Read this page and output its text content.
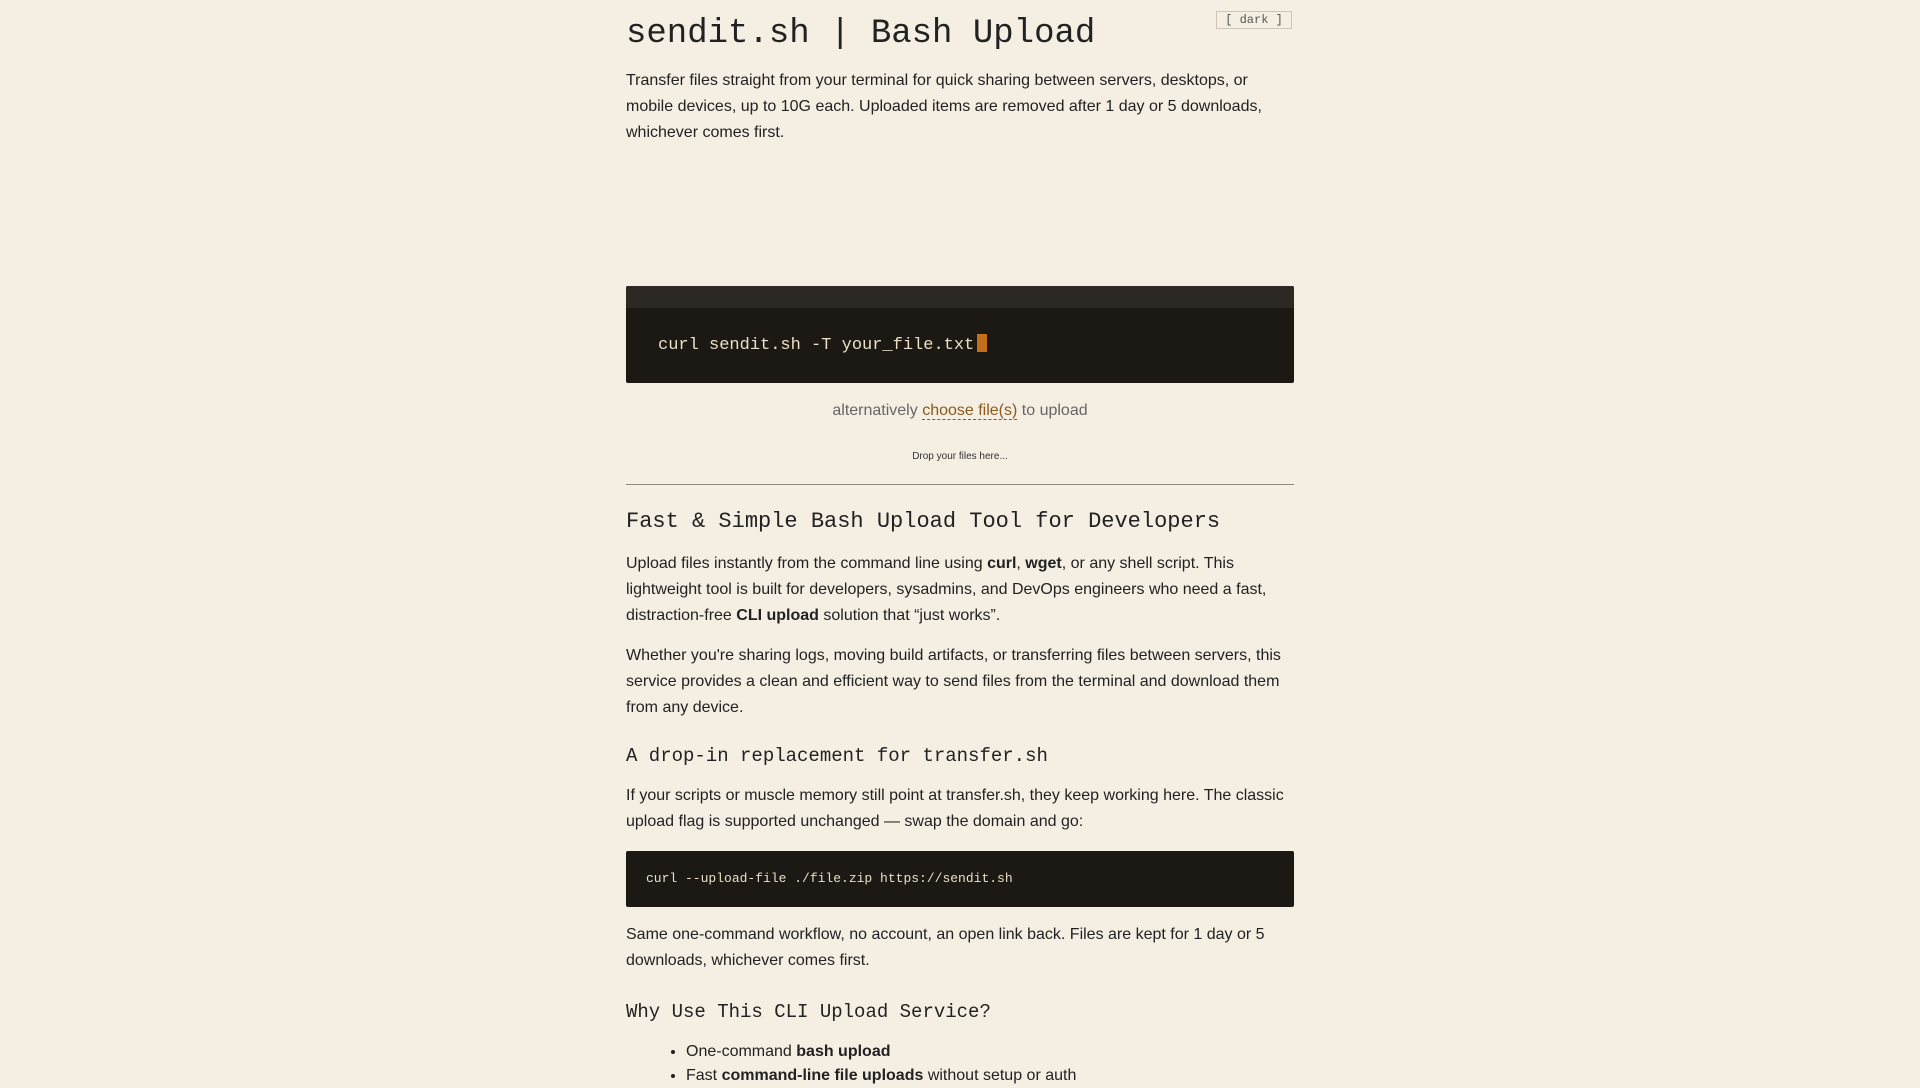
sendit.sh | Bash Upload

Transfer files straight from your terminal for quick sharing between servers, desktops, or mobile devices, up to 10G each. Uploaded items are removed after 1 day or 5 downloads, whichever comes first.

curl sendit.sh -T your_file.txt

alternatively choose file(s) to upload

Drop your files here...

Fast & Simple Bash Upload Tool for Developers

Upload files instantly from the command line using curl, wget, or any shell script. This lightweight tool is built for developers, sysadmins, and DevOps engineers who need a fast, distraction-free CLI upload solution that “just works”.

Whether you're sharing logs, moving build artifacts, or transferring files between servers, this service provides a clean and efficient way to send files from the terminal and download them from any device.

A drop-in replacement for transfer.sh

If your scripts or muscle memory still point at transfer.sh, they keep working here. The classic upload flag is supported unchanged — swap the domain and go:

curl --upload-file ./file.zip https://sendit.sh

Same one-command workflow, no account, an open link back. Files are kept for 1 day or 5 downloads, whichever comes first.

Why Use This CLI Upload Service?
• One-command bash upload
• Fast command-line file uploads without setup or auth
[ dark ]
